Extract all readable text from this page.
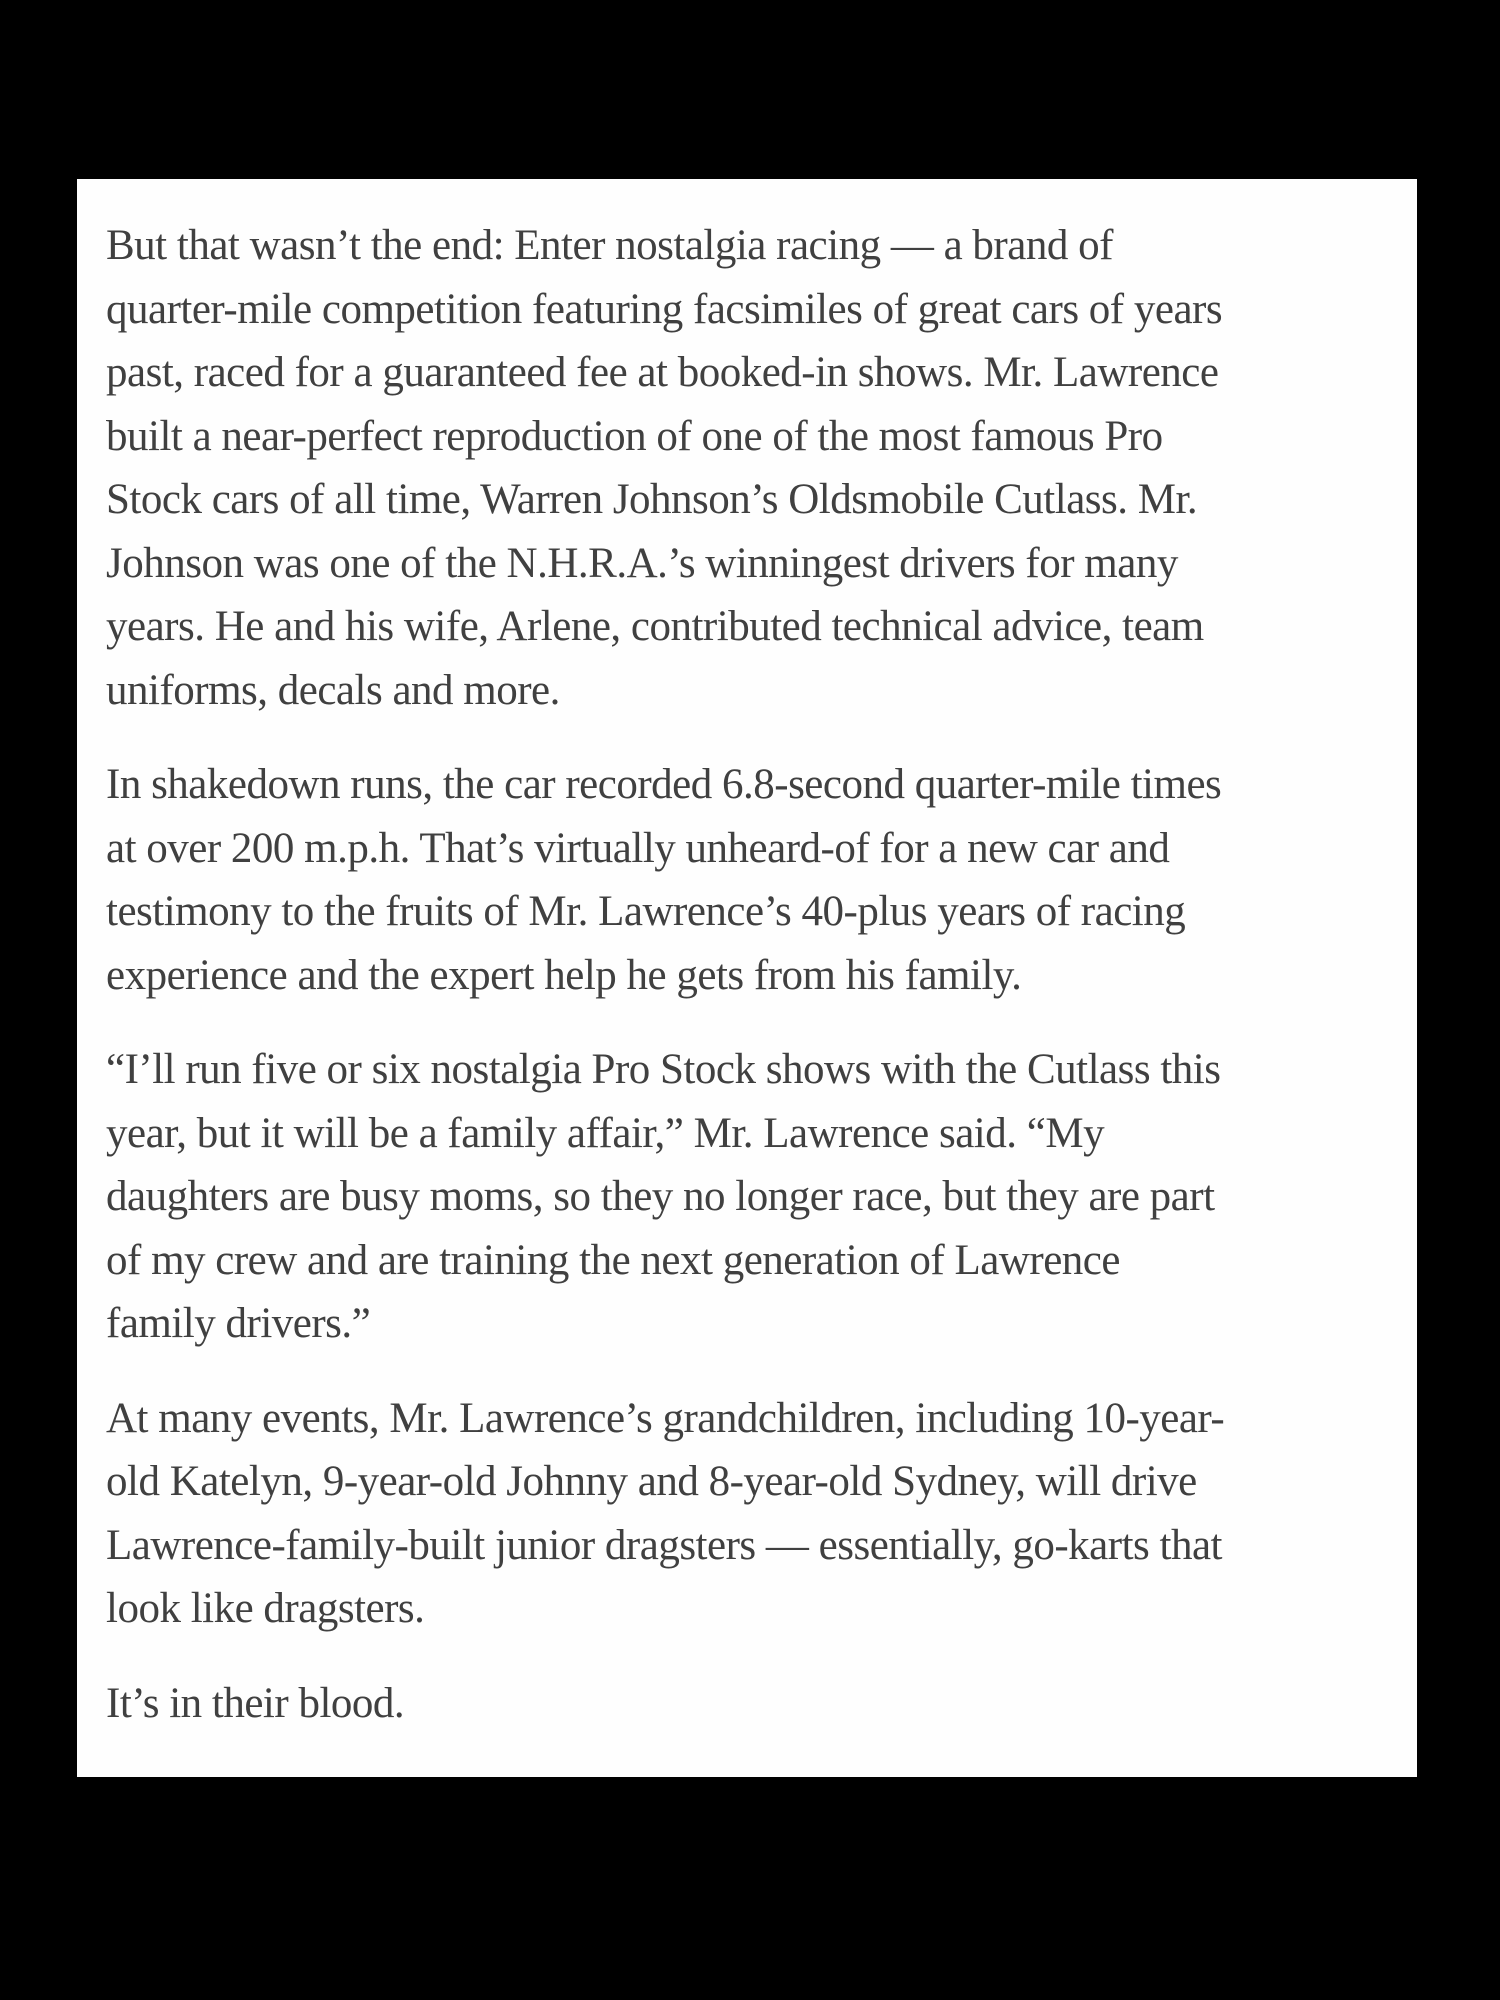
But that wasn’t the end: Enter nostalgia racing — a brand of
quarter-mile competition featuring facsimiles of great cars of years
past, raced for a guaranteed fee at booked-in shows. Mr. Lawrence
built a near-perfect reproduction of one of the most famous Pro
Stock cars of all time, Warren Johnson’s Oldsmobile Cutlass. Mr.
Johnson was one of the N.H.R.A.’s winningest drivers for many
years. He and his wife, Arlene, contributed technical advice, team
uniforms, decals and more.

In shakedown runs, the car recorded 6.8-second quarter-mile times
at over 200 m.p.h. That’s virtually unheard-of for a new car and
testimony to the fruits of Mr. Lawrence’s 40-plus years of racing
experience and the expert help he gets from his family.

“I’ll run five or six nostalgia Pro Stock shows with the Cutlass this
year, but it will be a family affair,” Mr. Lawrence said. “My
daughters are busy moms, so they no longer race, but they are part
of my crew and are training the next generation of Lawrence
family drivers.”

At many events, Mr. Lawrence’s grandchildren, including 10-year-
old Katelyn, 9-year-old Johnny and 8-year-old Sydney, will drive
Lawrence-family-built junior dragsters — essentially, go-karts that
look like dragsters.

It’s in their blood.
